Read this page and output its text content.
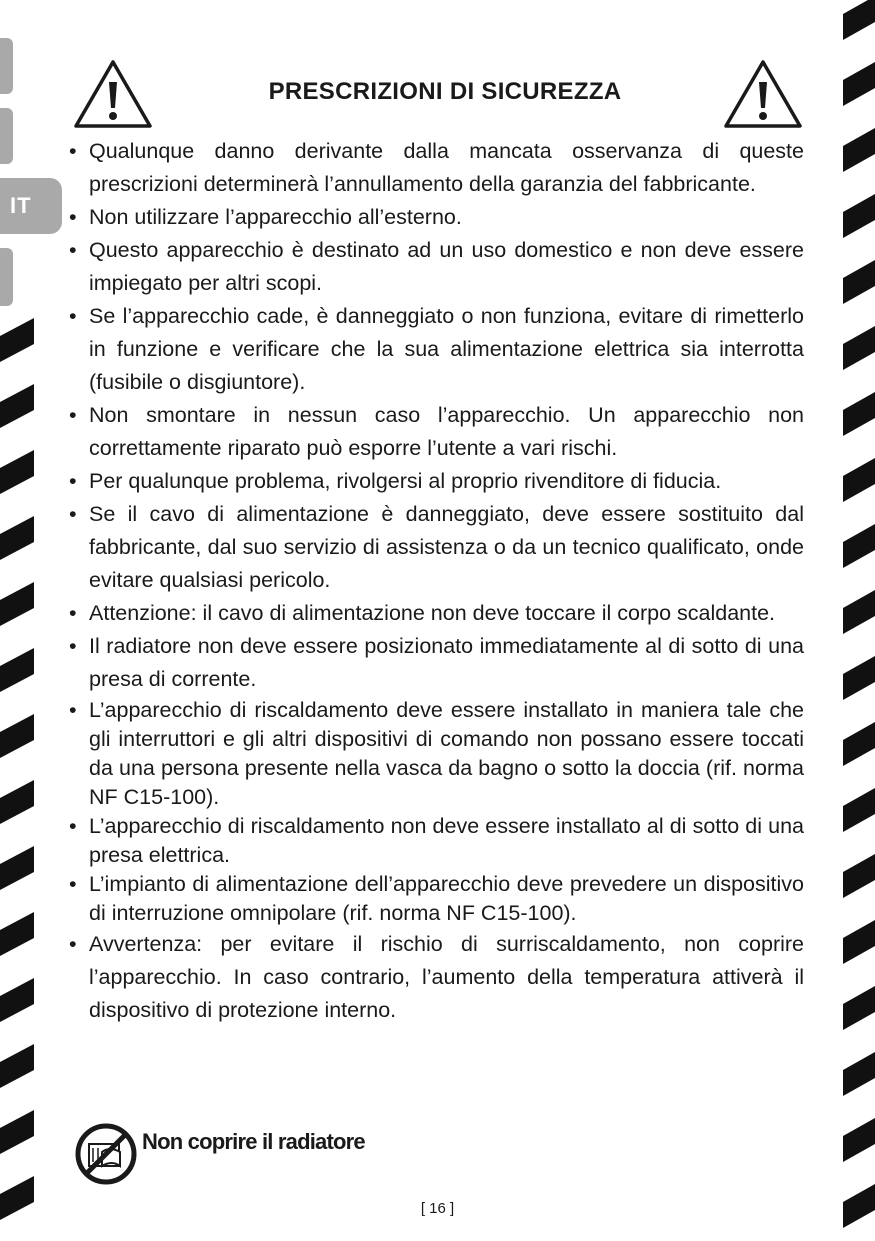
IT
PRESCRIZIONI DI SICUREZZA
• Qualunque danno derivante dalla mancata osservanza di queste prescrizioni determinerà l’annullamento della garanzia del fabbricante.
• Non utilizzare l’apparecchio all’esterno.
• Questo apparecchio è destinato ad un uso domestico e non deve essere impiegato per altri scopi.
• Se l’apparecchio cade, è danneggiato o non funziona, evitare di rimetterlo in funzione e verificare che la sua alimentazione elettrica sia interrotta (fusibile o disgiuntore).
• Non smontare in nessun caso l’apparecchio. Un apparecchio non correttamente riparato può esporre l’utente a vari rischi.
• Per qualunque problema, rivolgersi al proprio rivenditore di fiducia.
• Se il cavo di alimentazione è danneggiato, deve essere sostituito dal fabbricante, dal suo servizio di assistenza o da un tecnico qualificato, onde evitare qualsiasi pericolo.
• Attenzione: il cavo di alimentazione non deve toccare il corpo scaldante.
• Il radiatore non deve essere posizionato immediatamente al di sotto di una presa di corrente.
• L’apparecchio di riscaldamento deve essere installato in maniera tale che gli interruttori e gli altri dispositivi di comando non possano essere toccati da una persona presente nella vasca da bagno o sotto la doccia (rif. norma NF C15-100).
• L’apparecchio di riscaldamento non deve essere installato al di sotto di una presa elettrica.
• L’impianto di alimentazione dell’apparecchio deve prevedere un dispositivo di interruzione omnipolare (rif. norma NF C15-100).
• Avvertenza: per evitare il rischio di surriscaldamento, non coprire l’apparecchio. In caso contrario, l’aumento della temperatura attiverà il dispositivo di protezione interno.
Non coprire il radiatore
[ 16 ]
